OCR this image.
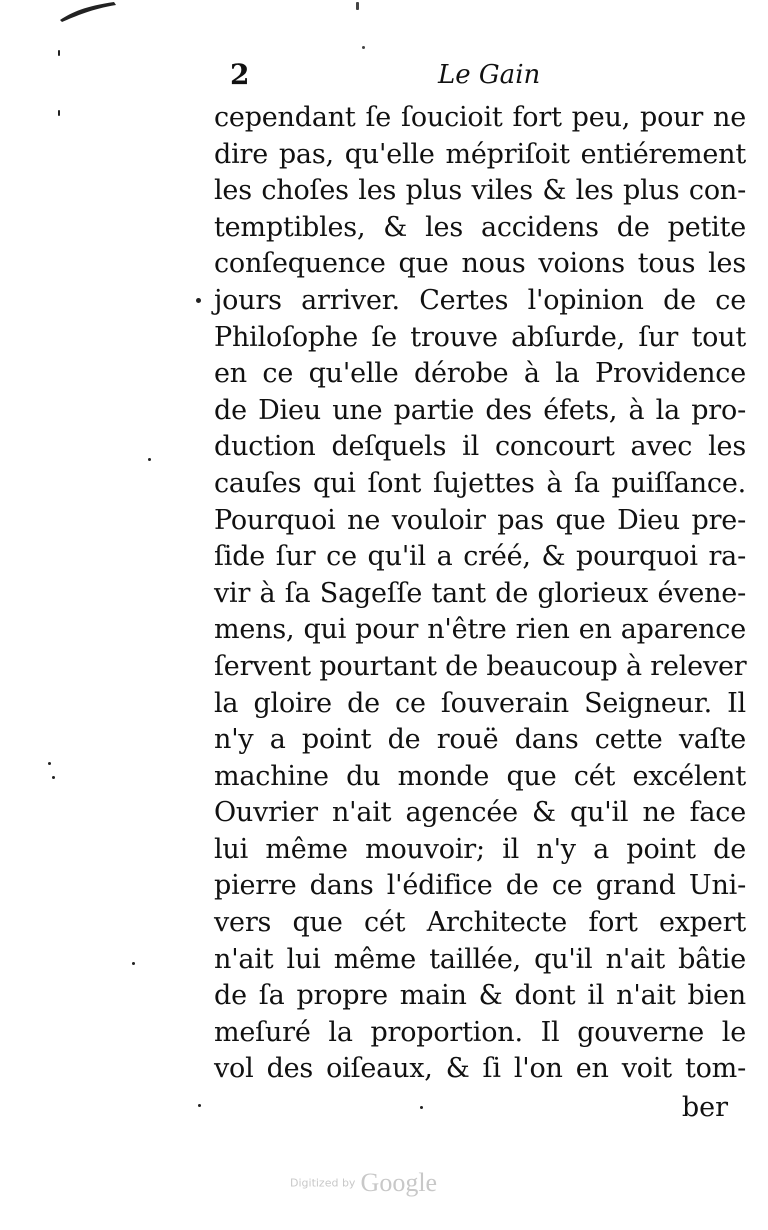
2	Le Gain
cependant ſe ſoucioit fort peu, pour ne
dire pas, qu'elle mépriſoit entiérement
les choſes les plus viles & les plus con-
temptibles, & les accidens de petite
conſequence que nous voions tous les
jours arriver. Certes l'opinion de ce
Philoſophe ſe trouve abſurde, ſur tout
en ce qu'elle dérobe à la Providence
de Dieu une partie des éfets, à la pro-
duction deſquels il concourt avec les
cauſes qui ſont ſujettes à ſa puiſſance.
Pourquoi ne vouloir pas que Dieu pre-
ſide ſur ce qu'il a créé, & pourquoi ra-
vir à ſa Sageſſe tant de glorieux évene-
mens, qui pour n'être rien en aparence
ſervent pourtant de beaucoup à relever
la gloire de ce ſouverain Seigneur. Il
n'y a point de rouë dans cette vaſte
machine du monde que cét excélent
Ouvrier n'ait agencée & qu'il ne face
lui même mouvoir; il n'y a point de
pierre dans l'édifice de ce grand Uni-
vers que cét Architecte fort expert
n'ait lui même taillée, qu'il n'ait bâtie
de ſa propre main & dont il n'ait bien
meſuré la proportion. Il gouverne le
vol des oiſeaux, & ſi l'on en voit tom-
ber
Digitized by Google
